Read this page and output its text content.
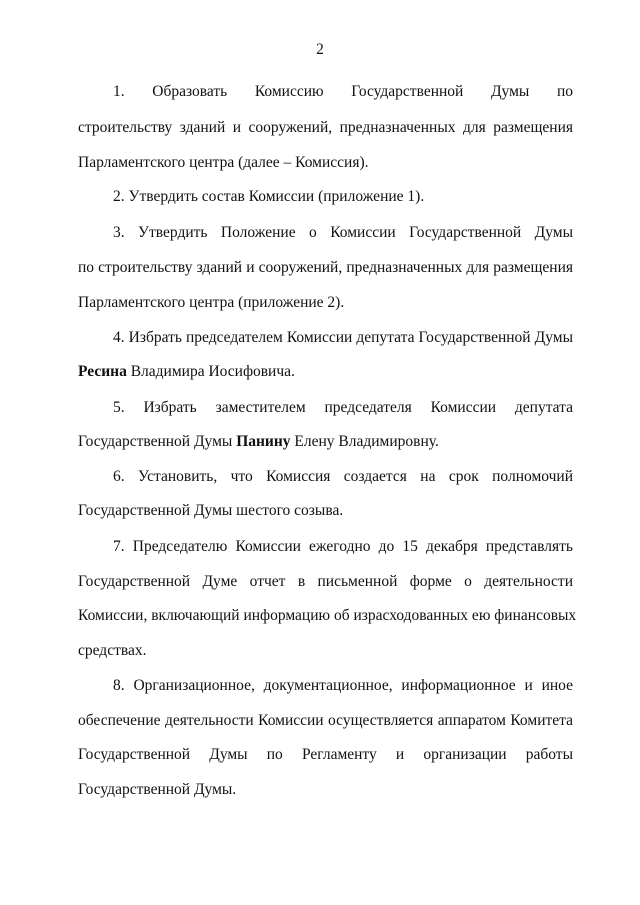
2
1. Образовать Комиссию Государственной Думы по
строительству зданий и сооружений, предназначенных для размещения
Парламентского центра (далее – Комиссия).
2. Утвердить состав Комиссии (приложение 1).
3. Утвердить Положение о Комиссии Государственной Думы
по строительству зданий и сооружений, предназначенных для размещения
Парламентского центра (приложение 2).
4. Избрать председателем Комиссии депутата Государственной Думы
Ресина Владимира Иосифовича.
5. Избрать заместителем председателя Комиссии депутата
Государственной Думы Панину Елену Владимировну.
6. Установить, что Комиссия создается на срок полномочий
Государственной Думы шестого созыва.
7. Председателю Комиссии ежегодно до 15 декабря представлять
Государственной Думе отчет в письменной форме о деятельности
Комиссии, включающий информацию об израсходованных ею финансовых
средствах.
8. Организационное, документационное, информационное и иное
обеспечение деятельности Комиссии осуществляется аппаратом Комитета
Государственной Думы по Регламенту и организации работы
Государственной Думы.
